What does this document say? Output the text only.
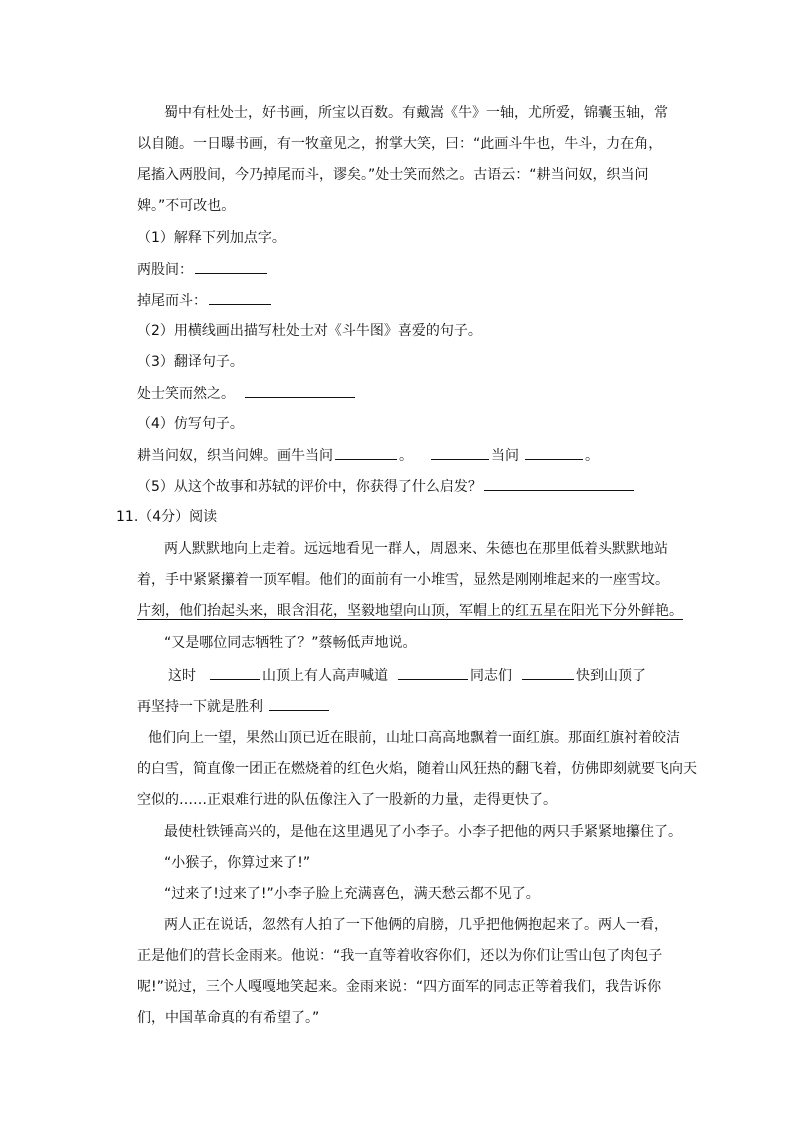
蜀中有杜处士，好书画，所宝以百数。有戴嵩《牛》一轴，尤所爱，锦囊玉轴，常
以自随。一日曝书画，有一牧童见之，拊掌大笑，曰：“此画斗牛也，牛斗，力在角，
尾搐入两股间，今乃掉尾而斗，谬矣。”处士笑而然之。古语云：“耕当问奴，织当问
婢。”不可改也。
（1）解释下列加点字。
两股间：
掉尾而斗：
（2）用横线画出描写杜处士对《斗牛图》喜爱的句子。
（3）翻译句子。
处士笑而然之。
（4）仿写句子。
耕当问奴，织当问婢。画牛当问	。	当问	。
（5）从这个故事和苏轼的评价中，你获得了什么启发？
11.（4分）阅读
两人默默地向上走着。远远地看见一群人，周恩来、朱德也在那里低着头默默地站
着，手中紧紧攥着一顶军帽。他们的面前有一小堆雪，显然是刚刚堆起来的一座雪坟。
片刻，他们抬起头来，眼含泪花，坚毅地望向山顶，军帽上的红五星在阳光下分外鲜艳。
“又是哪位同志牺牲了？”蔡畅低声地说。
这时	山顶上有人高声喊道	同志们	快到山顶了
再坚持一下就是胜利
他们向上一望，果然山顶已近在眼前，山址口高高地飘着一面红旗。那面红旗衬着皎洁
的白雪，简直像一团正在燃烧着的红色火焰，随着山风狂热的翻飞着，仿佛即刻就要飞向天
空似的……正艰难行进的队伍像注入了一股新的力量，走得更快了。
最使杜铁锤高兴的，是他在这里遇见了小李子。小李子把他的两只手紧紧地攥住了。
“小猴子，你算过来了!”
“过来了!过来了!”小李子脸上充满喜色，满天愁云都不见了。
两人正在说话，忽然有人拍了一下他俩的肩膀，几乎把他俩抱起来了。两人一看，
正是他们的营长金雨来。他说：“我一直等着收容你们，还以为你们让雪山包了肉包子
呢!”说过，三个人嘎嘎地笑起来。金雨来说：“四方面军的同志正等着我们，我告诉你
们，中国革命真的有希望了。”
